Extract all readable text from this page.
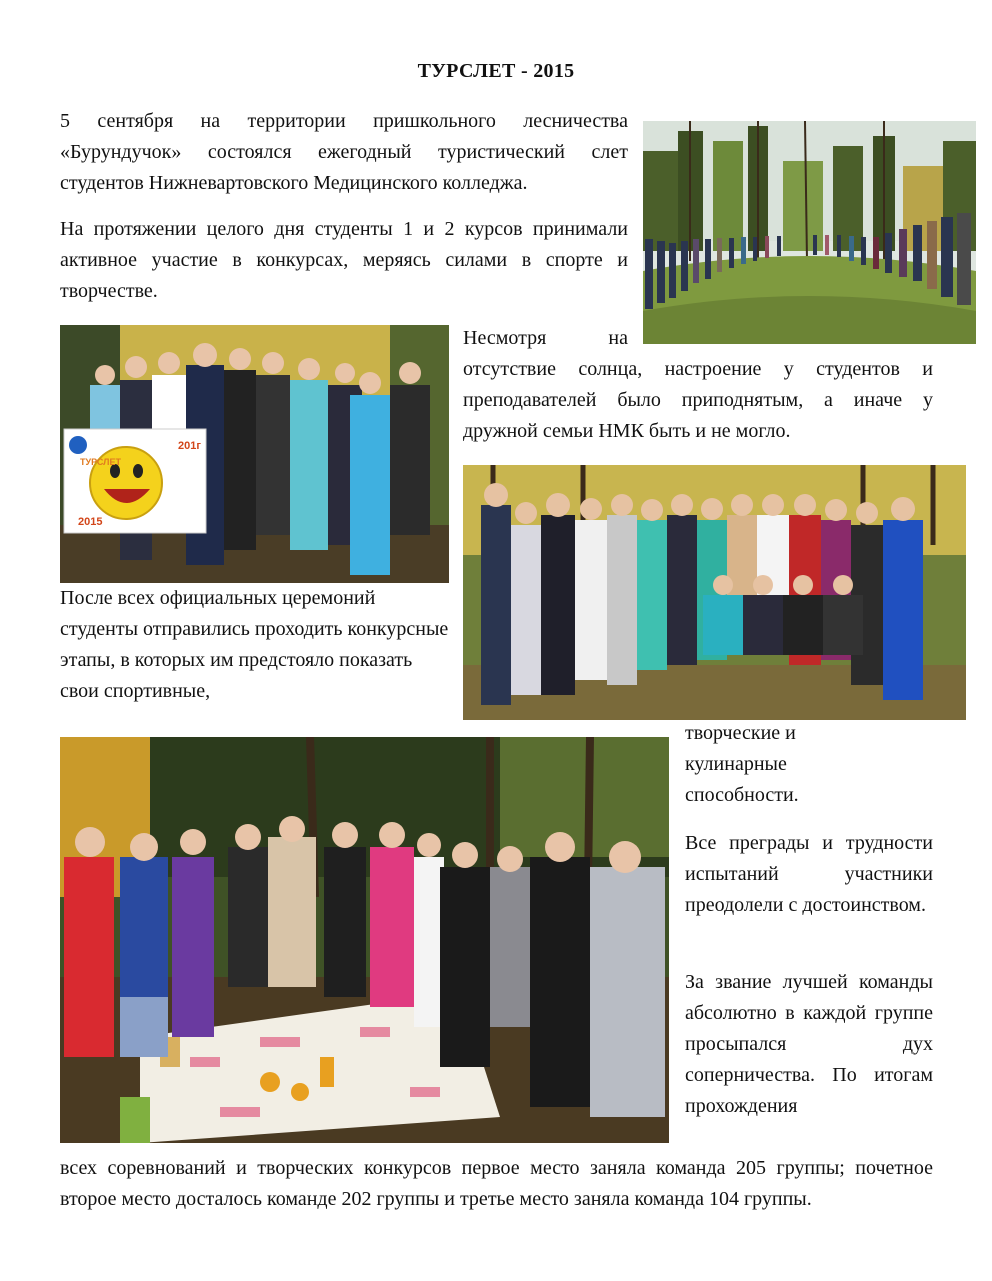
ТУРСЛЕТ - 2015

5 сентября на территории пришкольного лесничества «Бурундучок» состоялся ежегодный туристический слет студентов Нижневартовского Медицинского колледжа.

На протяжении целого дня студенты 1 и 2 курсов принимали активное участие в конкурсах, меряясь силами в спорте и творчестве.

201г
2015
ТУРСЛЕТ

Несмотря на

отсутствие солнца, настроение у студентов и преподавателей было приподнятым, а иначе у дружной семьи НМК быть и не могло.

После всех официальных церемоний студенты отправились проходить конкурсные этапы, в которых им предстояло показать свои спортивные,

творческие и кулинарные способности.

Все преграды и трудности испытаний участники преодолели с достоинством.

За звание лучшей команды абсолютно в каждой группе просыпался дух соперничества. По итогам прохождения

всех соревнований и творческих конкурсов первое место заняла команда 205 группы; почетное второе место досталось команде 202 группы и третье место заняла команда 104 группы.
